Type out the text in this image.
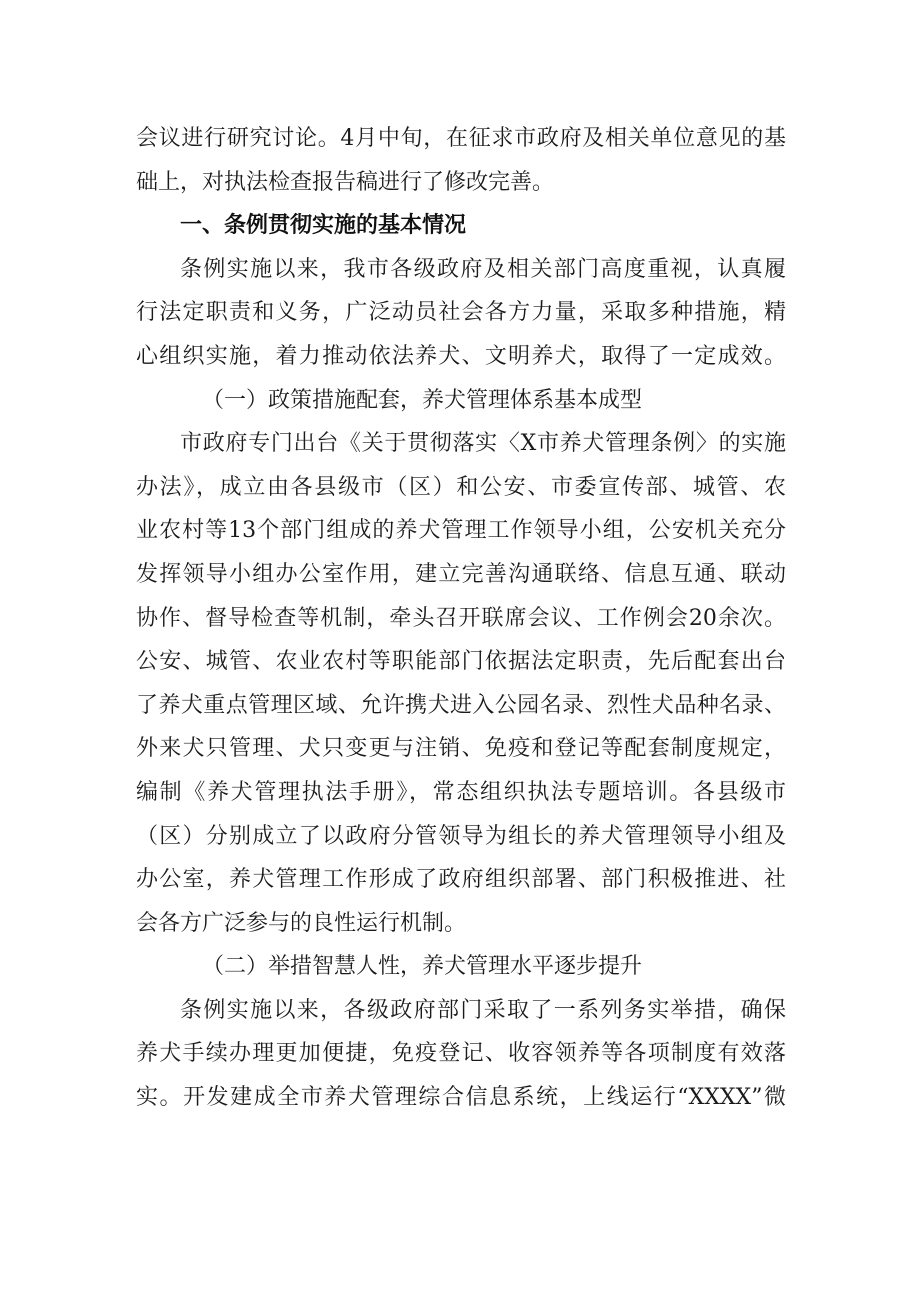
会议进行研究讨论。4月中旬，在征求市政府及相关单位意见的基
础上，对执法检查报告稿进行了修改完善。
一、条例贯彻实施的基本情况
条例实施以来，我市各级政府及相关部门高度重视，认真履
行法定职责和义务，广泛动员社会各方力量，采取多种措施，精
心组织实施，着力推动依法养犬、文明养犬，取得了一定成效。
（一）政策措施配套，养犬管理体系基本成型
市政府专门出台《关于贯彻落实〈X市养犬管理条例〉的实施
办法》，成立由各县级市（区）和公安、市委宣传部、城管、农
业农村等13个部门组成的养犬管理工作领导小组，公安机关充分
发挥领导小组办公室作用，建立完善沟通联络、信息互通、联动
协作、督导检查等机制，牵头召开联席会议、工作例会20余次。
公安、城管、农业农村等职能部门依据法定职责，先后配套出台
了养犬重点管理区域、允许携犬进入公园名录、烈性犬品种名录、
外来犬只管理、犬只变更与注销、免疫和登记等配套制度规定，
编制《养犬管理执法手册》，常态组织执法专题培训。各县级市
（区）分别成立了以政府分管领导为组长的养犬管理领导小组及
办公室，养犬管理工作形成了政府组织部署、部门积极推进、社
会各方广泛参与的良性运行机制。
（二）举措智慧人性，养犬管理水平逐步提升
条例实施以来，各级政府部门采取了一系列务实举措，确保
养犬手续办理更加便捷，免疫登记、收容领养等各项制度有效落
实。开发建成全市养犬管理综合信息系统，上线运行“XXXX”微
